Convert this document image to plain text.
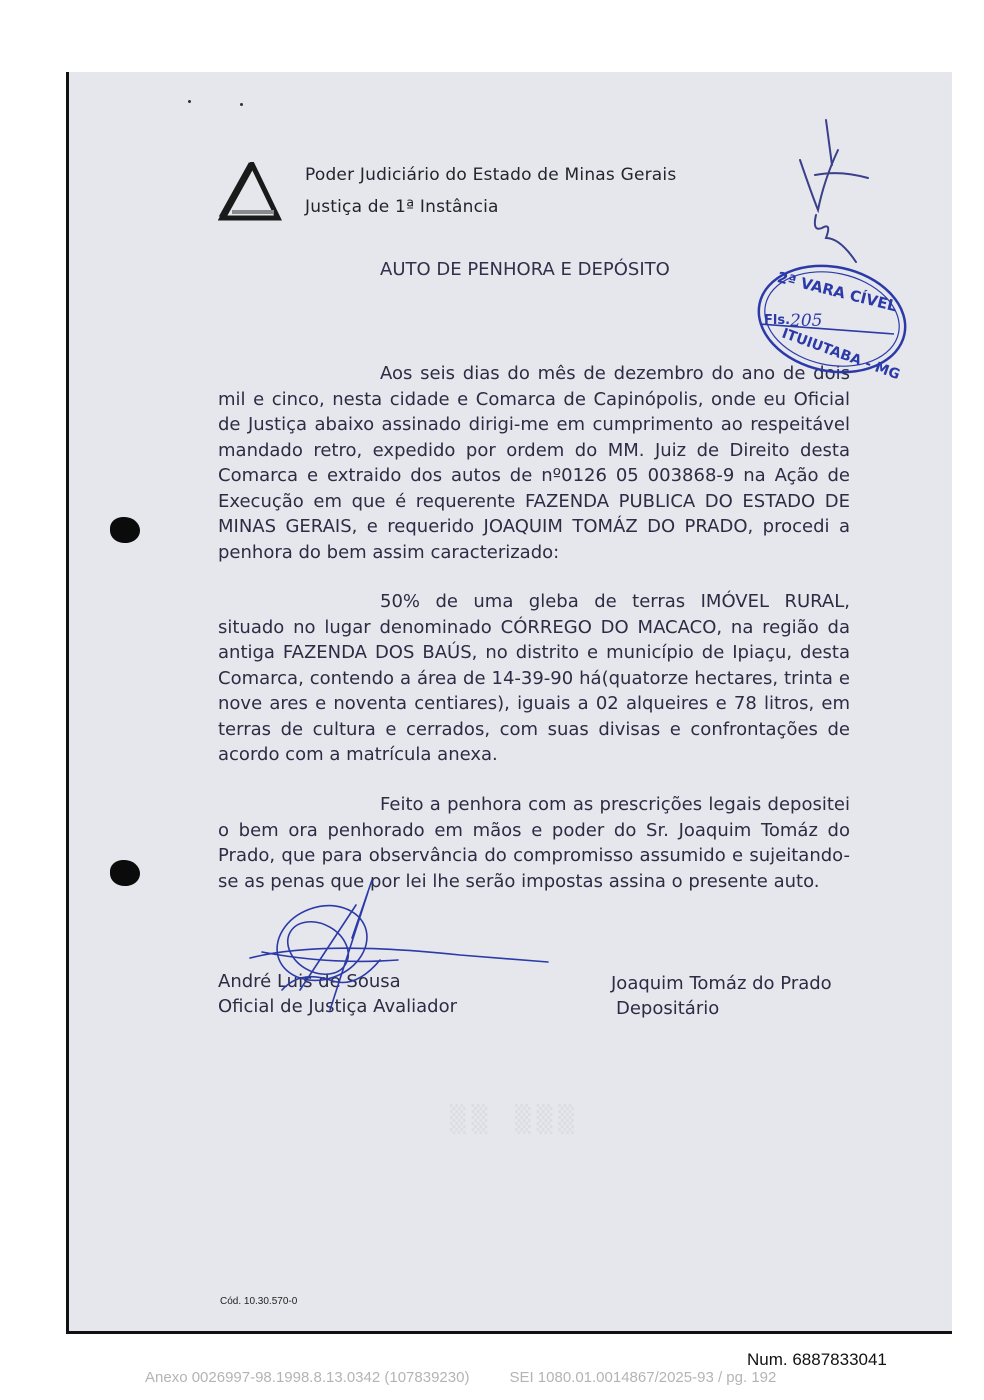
Poder Judiciário do Estado de Minas Gerais
Justiça de 1ª Instância
AUTO DE PENHORA E DEPÓSITO

Aos seis dias do mês de dezembro do ano de dois mil e cinco, nesta cidade e Comarca de Capinópolis, onde eu Oficial de Justiça abaixo assinado dirigi-me em cumprimento ao respeitável mandado retro, expedido por ordem do MM. Juiz de Direito desta Comarca e extraido dos autos de nº0126 05 003868-9 na Ação de Execução em que é requerente FAZENDA PUBLICA DO ESTADO DE MINAS GERAIS, e requerido JOAQUIM TOMÁZ DO PRADO, procedi a penhora do bem assim caracterizado:

50% de uma gleba de terras IMÓVEL RURAL, situado no lugar denominado CÓRREGO DO MACACO, na região da antiga FAZENDA DOS BAÚS, no distrito e município de Ipiaçu, desta Comarca, contendo a área de 14-39-90 há(quatorze hectares, trinta e nove ares e noventa centiares), iguais a 02 alqueires e 78 litros, em terras de cultura e cerrados, com suas divisas e confrontações de acordo com a matrícula anexa.

Feito a penhora com as prescrições legais depositei o bem ora penhorado em mãos e poder do Sr. Joaquim Tomáz do Prado, que para observância do compromisso assumido e sujeitando-se as penas que por lei lhe serão impostas assina o presente auto.

André Luis de Sousa
Oficial de Justiça Avaliador
Joaquim Tomáz do Prado
Depositário
▒▒ ▒▒▒
2ª VARA CÍVEL
Fls. 205
ITUIUTABA - MG
Cód. 10.30.570-0
Num. 6887833041
Anexo 0026997-98.1998.8.13.0342 (107839230)	SEI 1080.01.0014867/2025-93 / pg. 192
